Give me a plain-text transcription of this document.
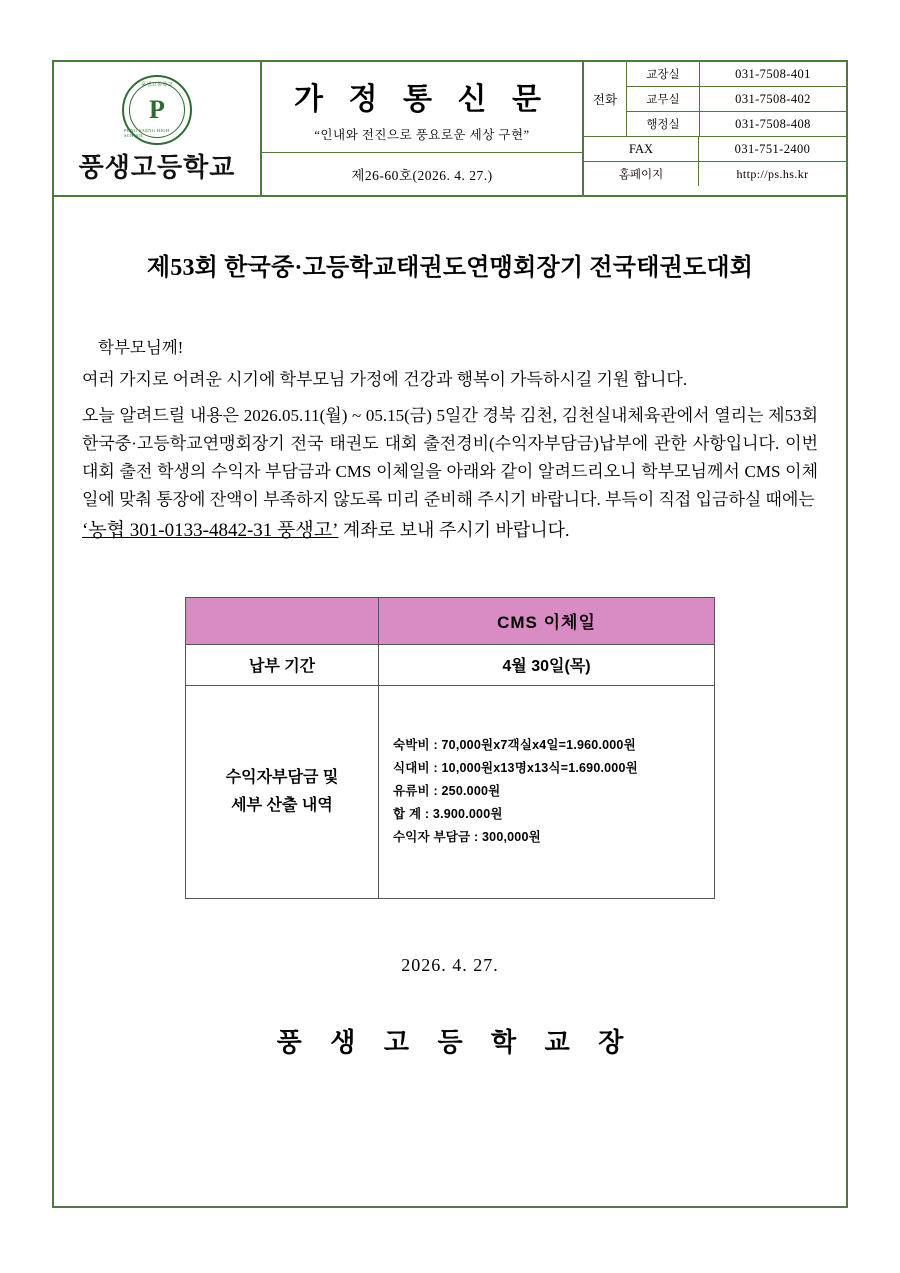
풍생고등학교
P
PUNG SAENG HIGH SCHOOL
풍생고등학교
가 정 통 신 문
“인내와 전진으로 풍요로운 세상 구현”
제26-60호(2026. 4. 27.)
전화
교장실	031-7508-401
교무실	031-7508-402
행정실	031-7508-408
FAX	031-751-2400
홈페이지	http://ps.hs.kr
제53회 한국중·고등학교태권도연맹회장기 전국태권도대회
학부모님께!
여러 가지로 어려운 시기에 학부모님 가정에 건강과 행복이 가득하시길 기원 합니다.
오늘 알려드릴 내용은 2026.05.11(월) ~ 05.15(금) 5일간 경북 김천, 김천실내체육관에서 열리는 제53회 한국중·고등학교연맹회장기 전국 태권도 대회 출전경비(수익자부담금)납부에 관한 사항입니다. 이번 대회 출전 학생의 수익자 부담금과 CMS 이체일을 아래와 같이 알려드리오니 학부모님께서 CMS 이체일에 맞춰 통장에 잔액이 부족하지 않도록 미리 준비해 주시기 바랍니다. 부득이 직접 입금하실 때에는
‘농협 301-0133-4842-31 풍생고’ 계좌로 보내 주시기 바랍니다.
	CMS 이체일
납부 기간	4월 30일(목)

수익자부담금 및
세부 산출 내역

숙박비 : 70,000원x7객실x4일=1.960.000원
식대비 : 10,000원x13명x13식=1.690.000원
유류비 : 250.000원
합 계 : 3.900.000원
수익자 부담금 : 300,000원
2026. 4. 27.
풍 생 고 등 학 교 장
